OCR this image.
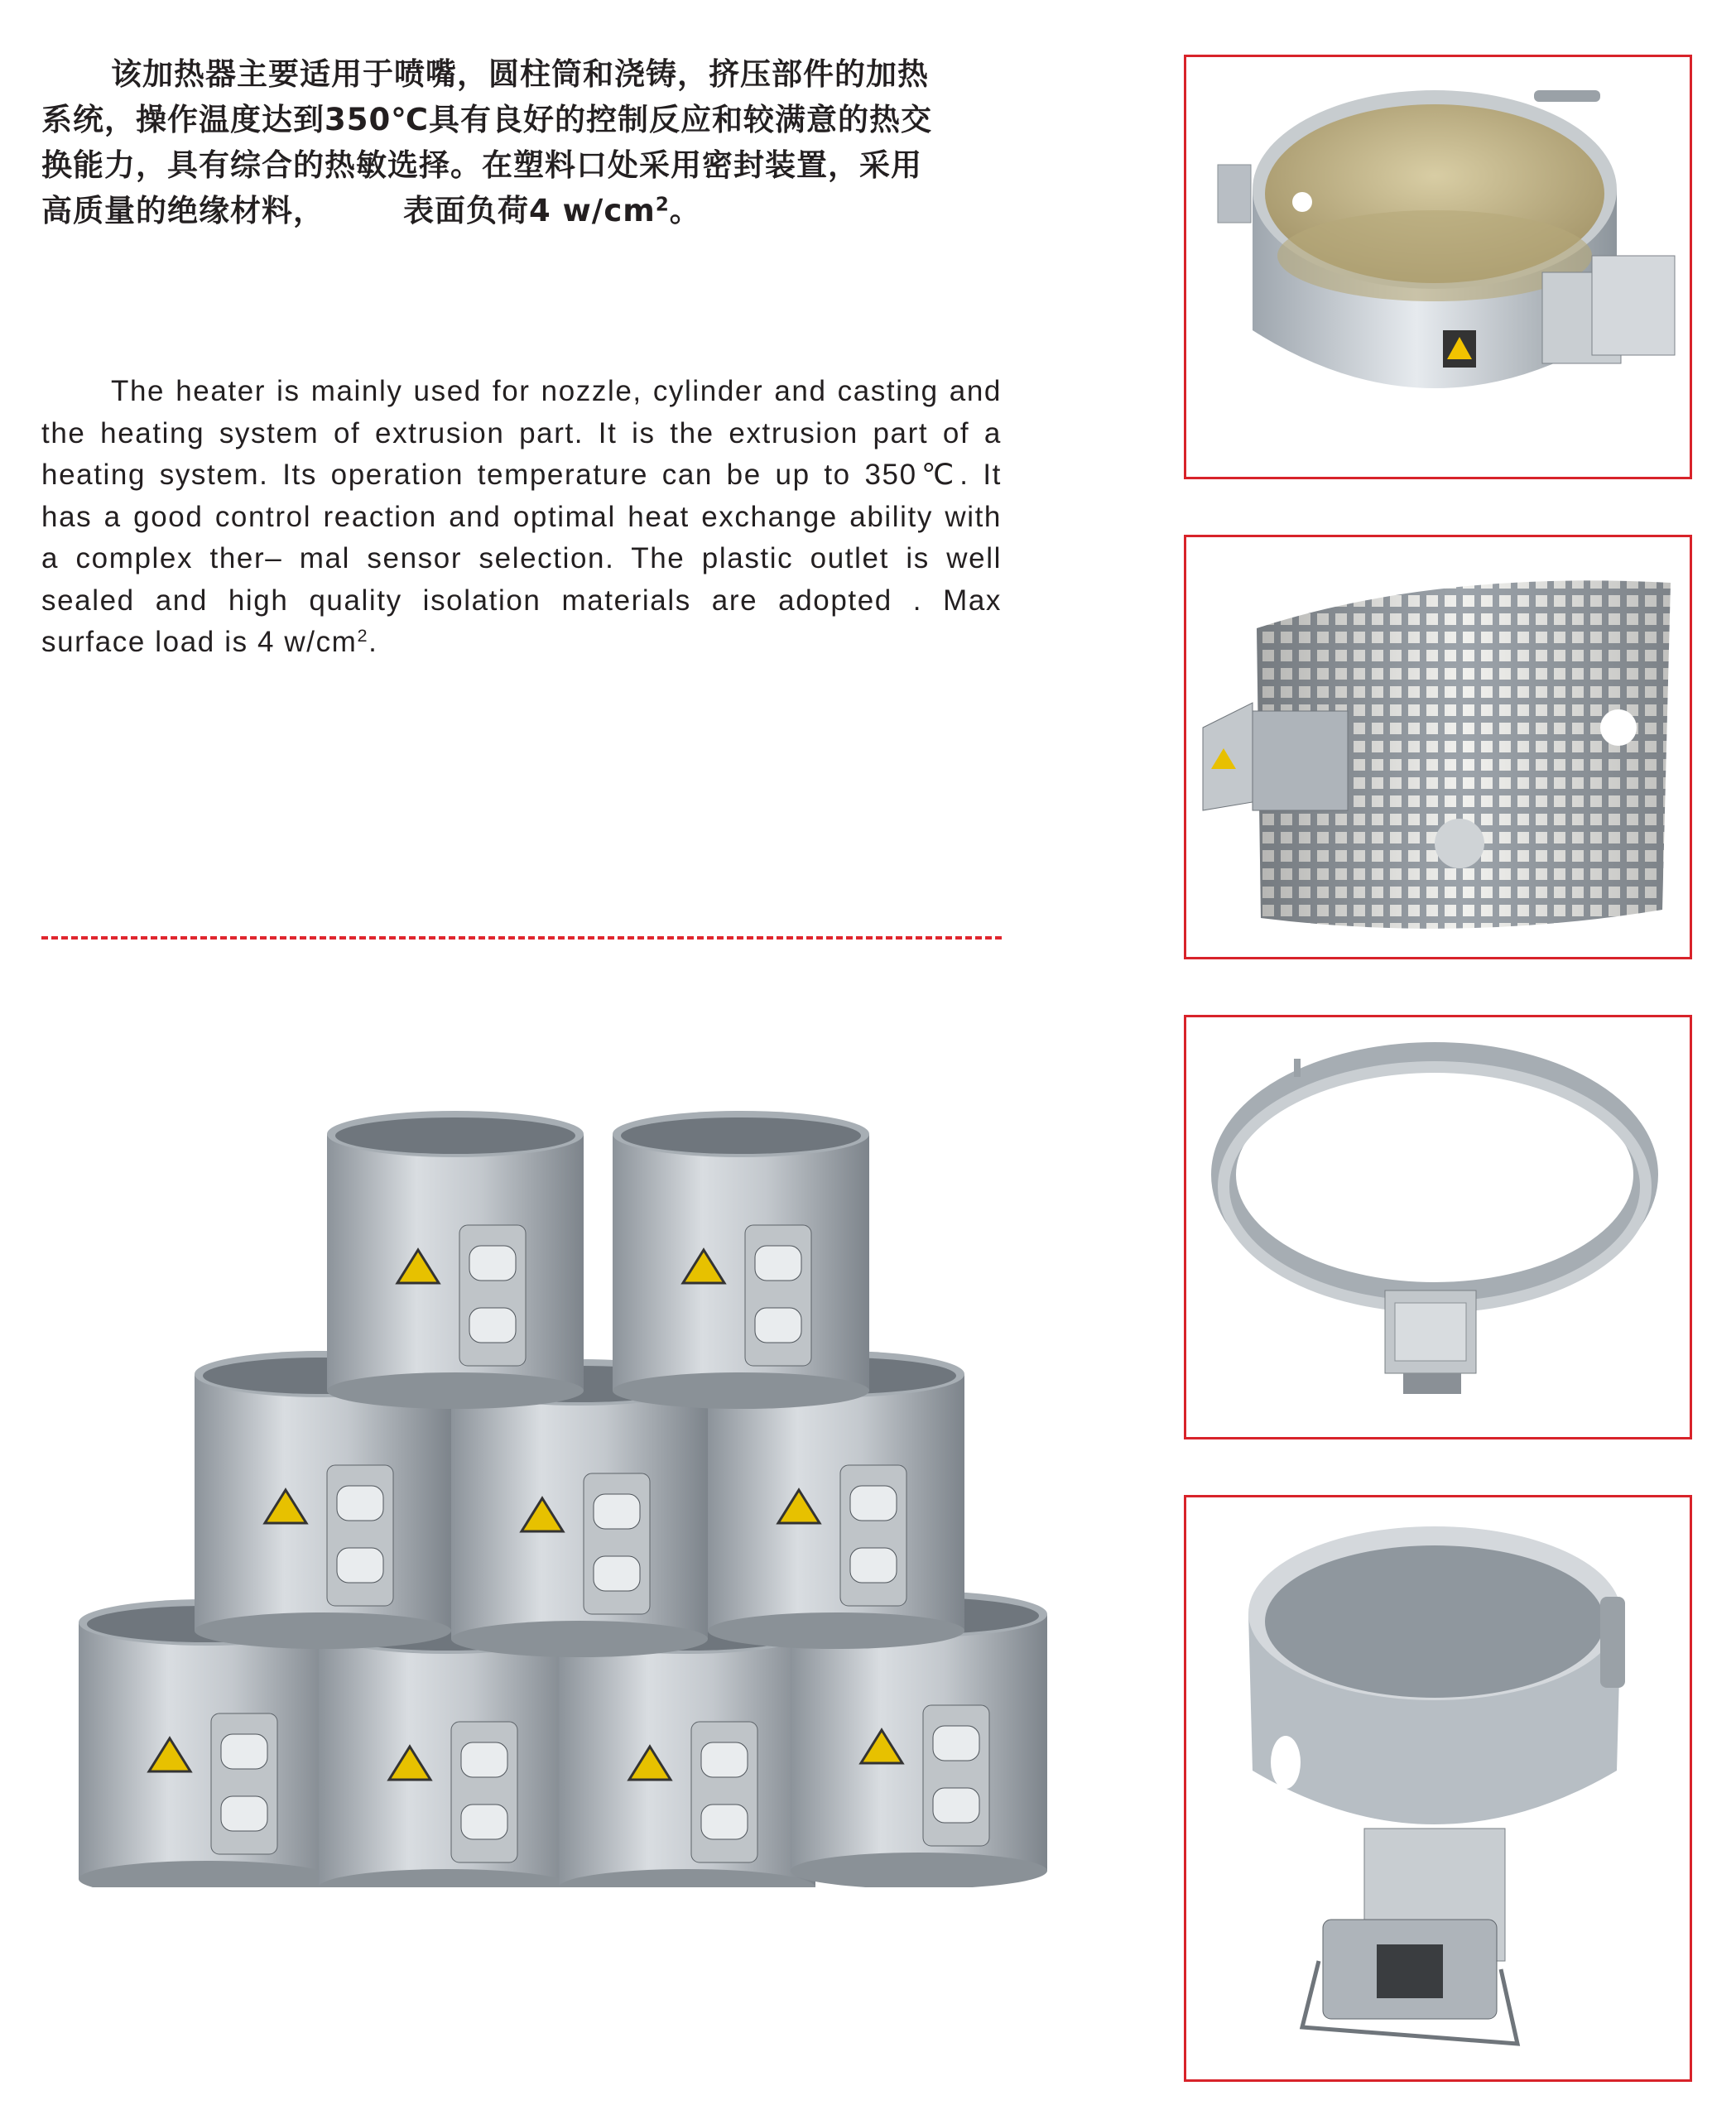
该加热器主要适用于喷嘴，圆柱筒和浇铸，挤压部件的加热

系统，操作温度达到350℃具有良好的控制反应和较满意的热交

换能力，具有综合的热敏选择。在塑料口处采用密封装置，采用

高质量的绝缘材料，	表面负荷4 $w/cm^2$。

The heater is mainly used for nozzle, cylinder and casting and the heating system of extrusion part. It is the extrusion part of a heating system. Its operation temperature can be up to 350℃. It has a good control reaction and optimal heat exchange ability with a complex ther– mal sensor selection. The plastic outlet is well sealed and high quality isolation materials are adopted . Max surface load is 4 $w/cm^2$.
